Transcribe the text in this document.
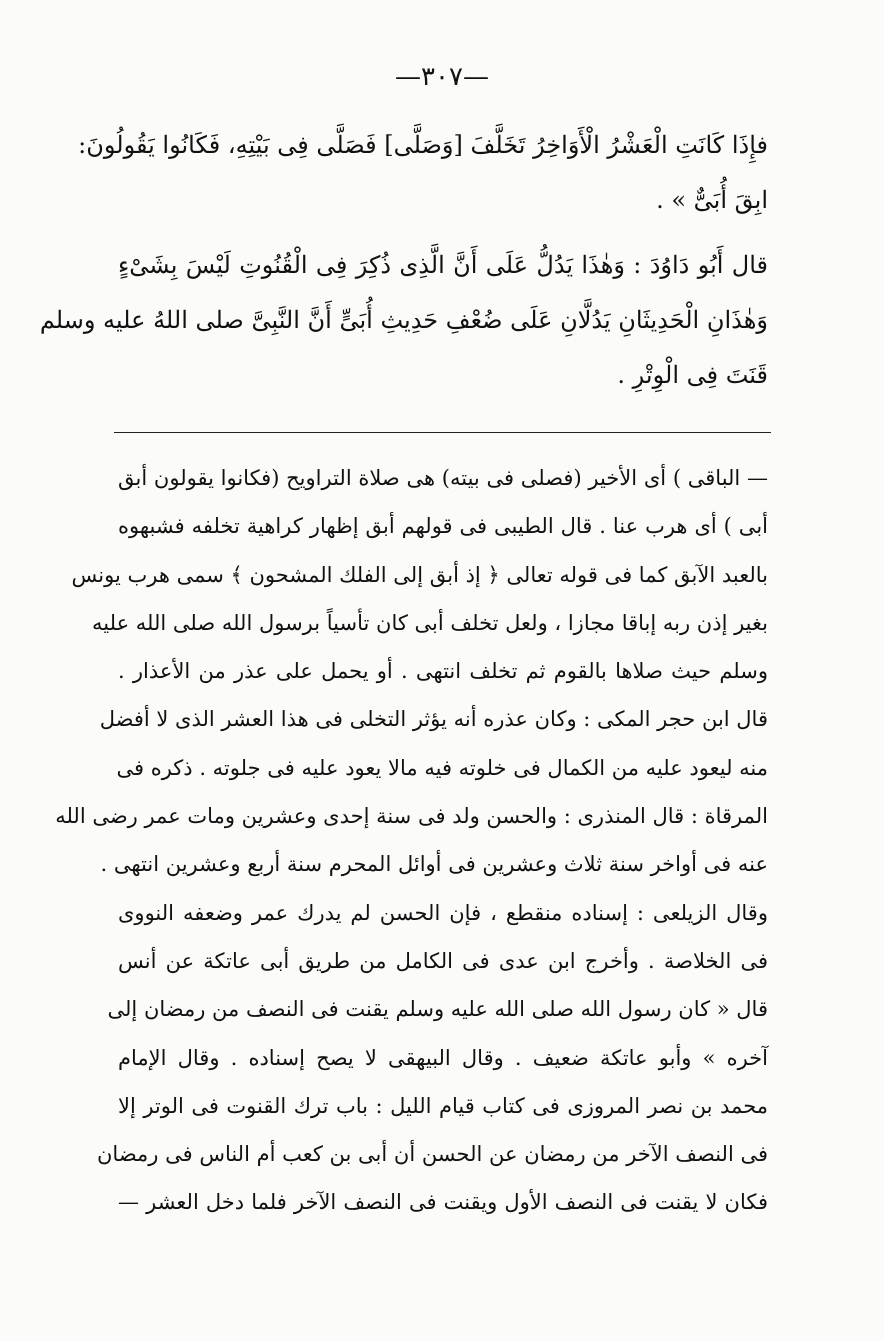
—٣٠٧—

فإِذَا كَانَتِ الْعَشْرُ الْأَوَاخِرُ تَخَلَّفَ [وَصَلَّى] فَصَلَّى فِى بَيْتِهِ، فَكَانُوا يَقُولُونَ:
ابِقَ أُبَىٌّ » .

قال أَبُو دَاوُدَ : وَهٰذَا يَدُلُّ عَلَى أَنَّ الَّذِى ذُكِرَ فِى الْقُنُوتِ لَيْسَ بِشَىْءٍ
وَهٰذَانِ الْحَدِيثَانِ يَدُلَّانِ عَلَى ضُعْفِ حَدِيثِ أُبَىٍّ أَنَّ النَّبِىَّ صلى اللهُ عليه وسلم
قَنَتَ فِى الْوِتْرِ .

— الباقى ) أى الأخير (فصلى فى بيته) هى صلاة التراويح (فكانوا يقولون أبق
أبى ) أى هرب عنا . قال الطيبى فى قولهم أبق إظهار كراهية تخلفه فشبهوه
بالعبد الآبق كما فى قوله تعالى ﴿ إذ أبق إلى الفلك المشحون ﴾ سمى هرب يونس
بغير إذن ربه إباقا مجازا ، ولعل تخلف أبى كان تأسياً برسول الله صلى الله عليه
وسلم حيث صلاها بالقوم ثم تخلف انتهى . أو يحمل على عذر من الأعذار .
قال ابن حجر المكى : وكان عذره أنه يؤثر التخلى فى هذا العشر الذى لا أفضل
منه ليعود عليه من الكمال فى خلوته فيه مالا يعود عليه فى جلوته . ذكره فى
المرقاة : قال المنذرى : والحسن ولد فى سنة إحدى وعشرين ومات عمر رضى الله
عنه فى أواخر سنة ثلاث وعشرين فى أوائل المحرم سنة أربع وعشرين انتهى .
وقال الزيلعى : إسناده منقطع ، فإن الحسن لم يدرك عمر وضعفه النووى
فى الخلاصة . وأخرج ابن عدى فى الكامل من طريق أبى عاتكة عن أنس
قال « كان رسول الله صلى الله عليه وسلم يقنت فى النصف من رمضان إلى
آخره » وأبو عاتكة ضعيف . وقال البيهقى لا يصح إسناده . وقال الإمام
محمد بن نصر المروزى فى كتاب قيام الليل : باب ترك القنوت فى الوتر إلا
فى النصف الآخر من رمضان عن الحسن أن أبى بن كعب أم الناس فى رمضان
فكان لا يقنت فى النصف الأول ويقنت فى النصف الآخر فلما دخل العشر —
